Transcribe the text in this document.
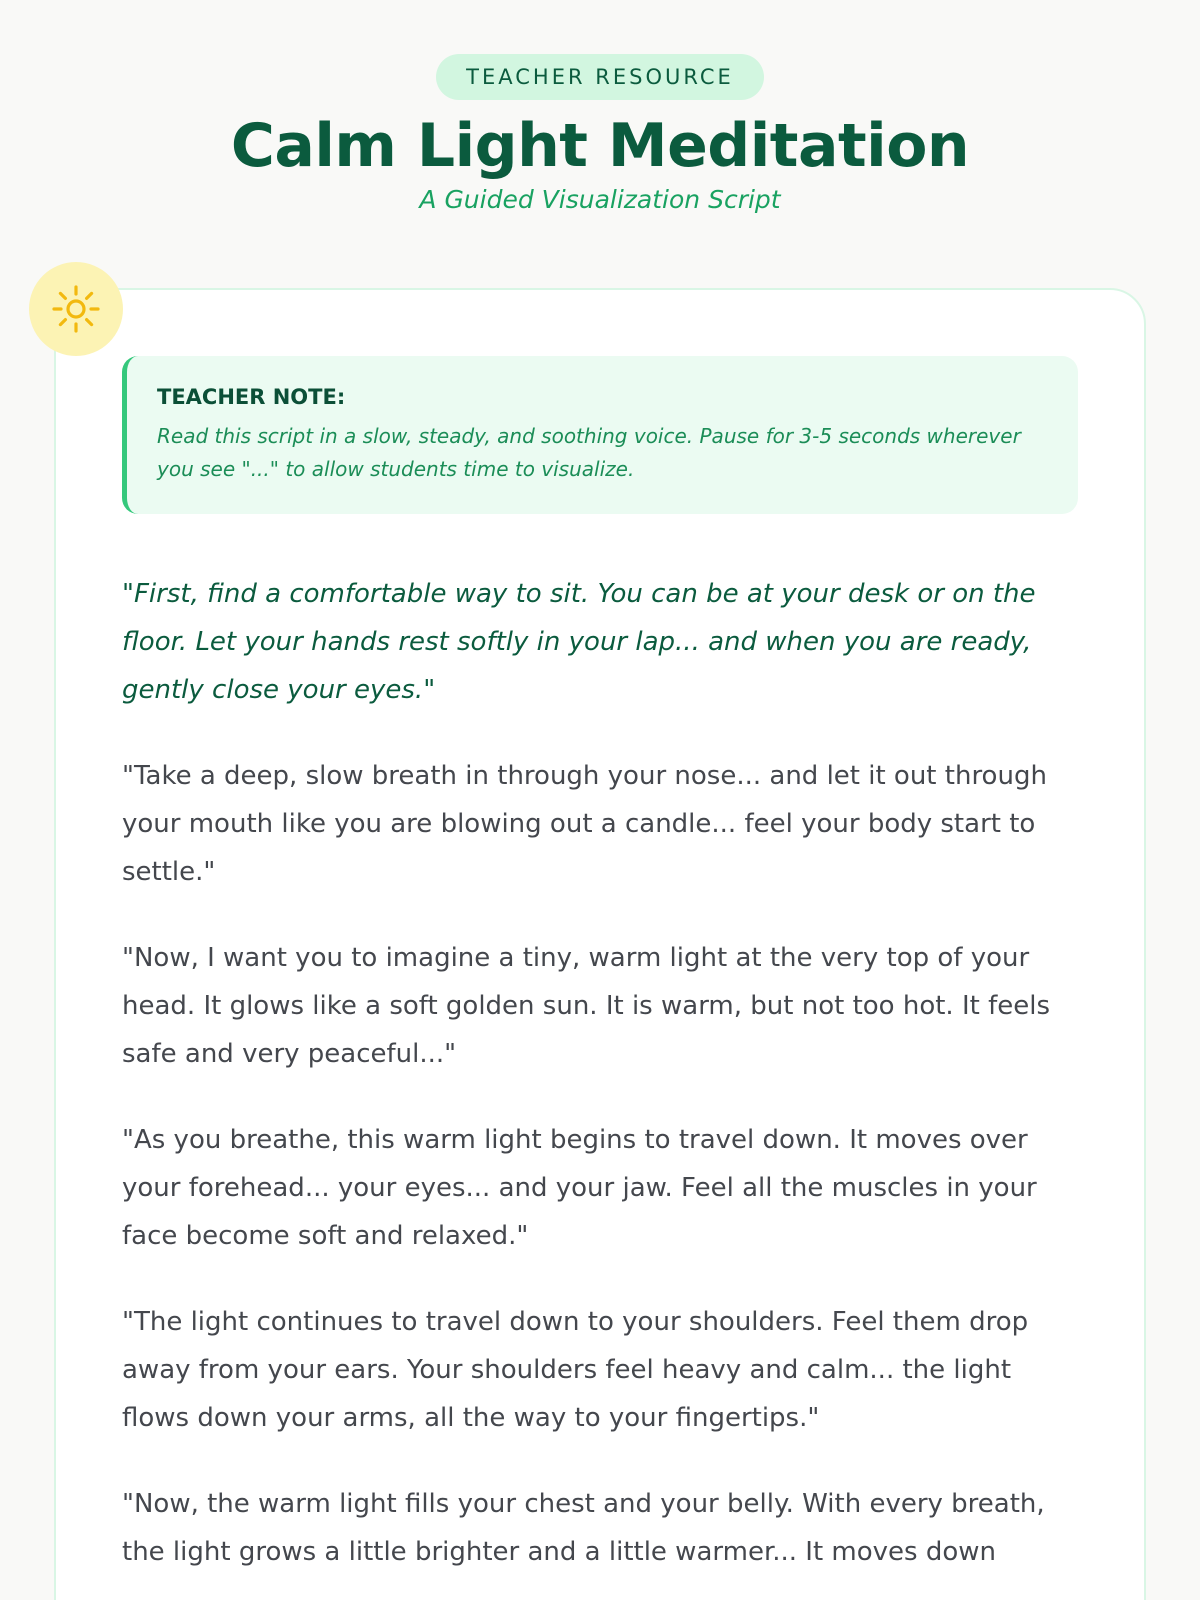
TEACHER RESOURCE
Calm Light Meditation
A Guided Visualization Script

TEACHER NOTE:

Read this script in a slow, steady, and soothing voice. Pause for 3-5 seconds wherever you see "..." to allow students time to visualize.

"First, find a comfortable way to sit. You can be at your desk or on the floor. Let your hands rest softly in your lap... and when you are ready, gently close your eyes."

"Take a deep, slow breath in through your nose... and let it out through your mouth like you are blowing out a candle... feel your body start to settle."

"Now, I want you to imagine a tiny, warm light at the very top of your head. It glows like a soft golden sun. It is warm, but not too hot. It feels safe and very peaceful..."

"As you breathe, this warm light begins to travel down. It moves over your forehead... your eyes... and your jaw. Feel all the muscles in your face become soft and relaxed."

"The light continues to travel down to your shoulders. Feel them drop away from your ears. Your shoulders feel heavy and calm... the light flows down your arms, all the way to your fingertips."

"Now, the warm light fills your chest and your belly. With every breath, the light grows a little brighter and a little warmer... It moves down
